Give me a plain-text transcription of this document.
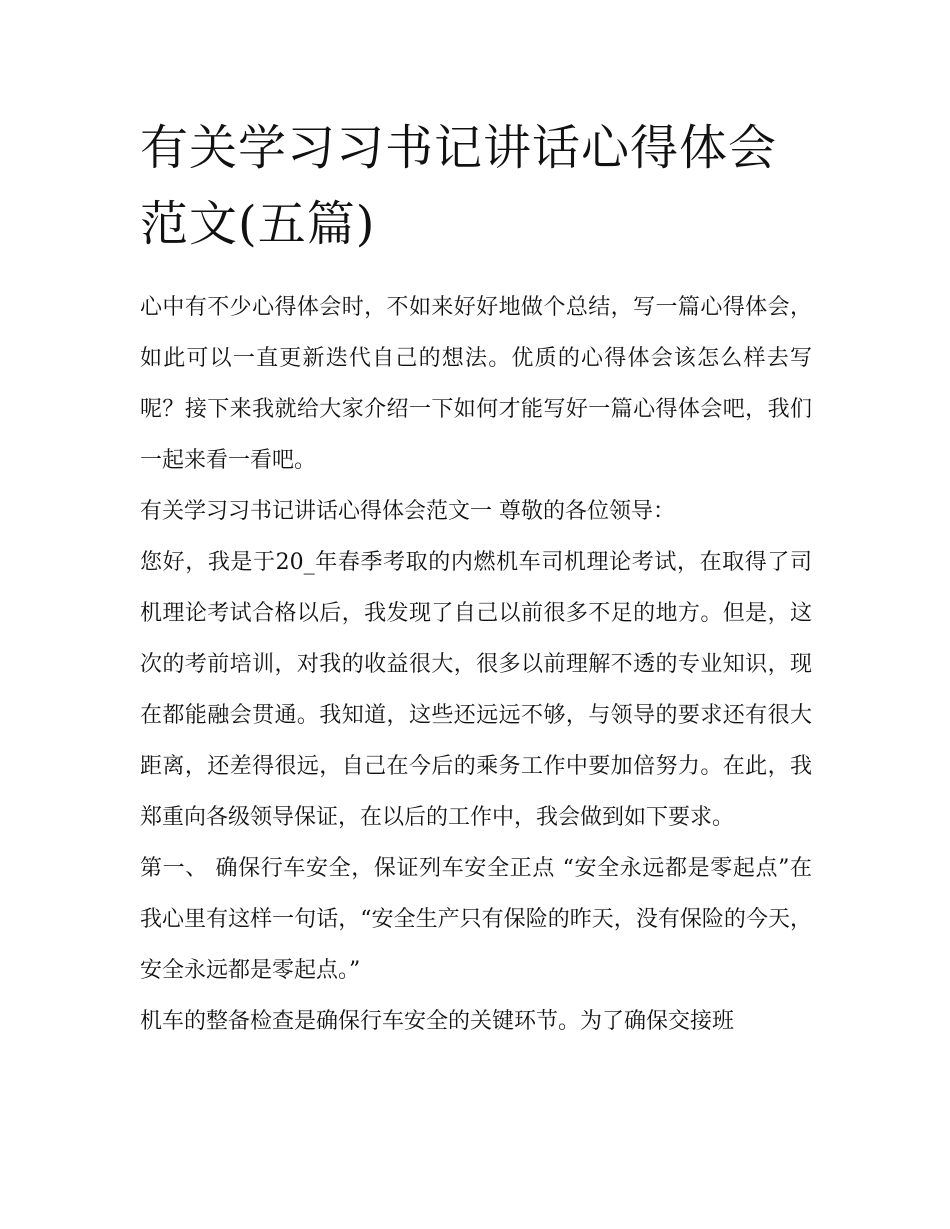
有关学习习书记讲话心得体会范文(五篇)

心中有不少心得体会时，不如来好好地做个总结，写一篇心得体会，如此可以一直更新迭代自己的想法。优质的心得体会该怎么样去写呢？接下来我就给大家介绍一下如何才能写好一篇心得体会吧，我们一起来看一看吧。

有关学习习书记讲话心得体会范文一 尊敬的各位领导：

您好，我是于20_年春季考取的内燃机车司机理论考试，在取得了司机理论考试合格以后，我发现了自己以前很多不足的地方。但是，这次的考前培训，对我的收益很大，很多以前理解不透的专业知识，现在都能融会贯通。我知道，这些还远远不够，与领导的要求还有很大距离，还差得很远，自己在今后的乘务工作中要加倍努力。在此，我郑重向各级领导保证，在以后的工作中，我会做到如下要求。

第一、 确保行车安全，保证列车安全正点 “安全永远都是零起点”在我心里有这样一句话，“安全生产只有保险的昨天，没有保险的今天，安全永远都是零起点。”

机车的整备检查是确保行车安全的关键环节。为了确保交接班
